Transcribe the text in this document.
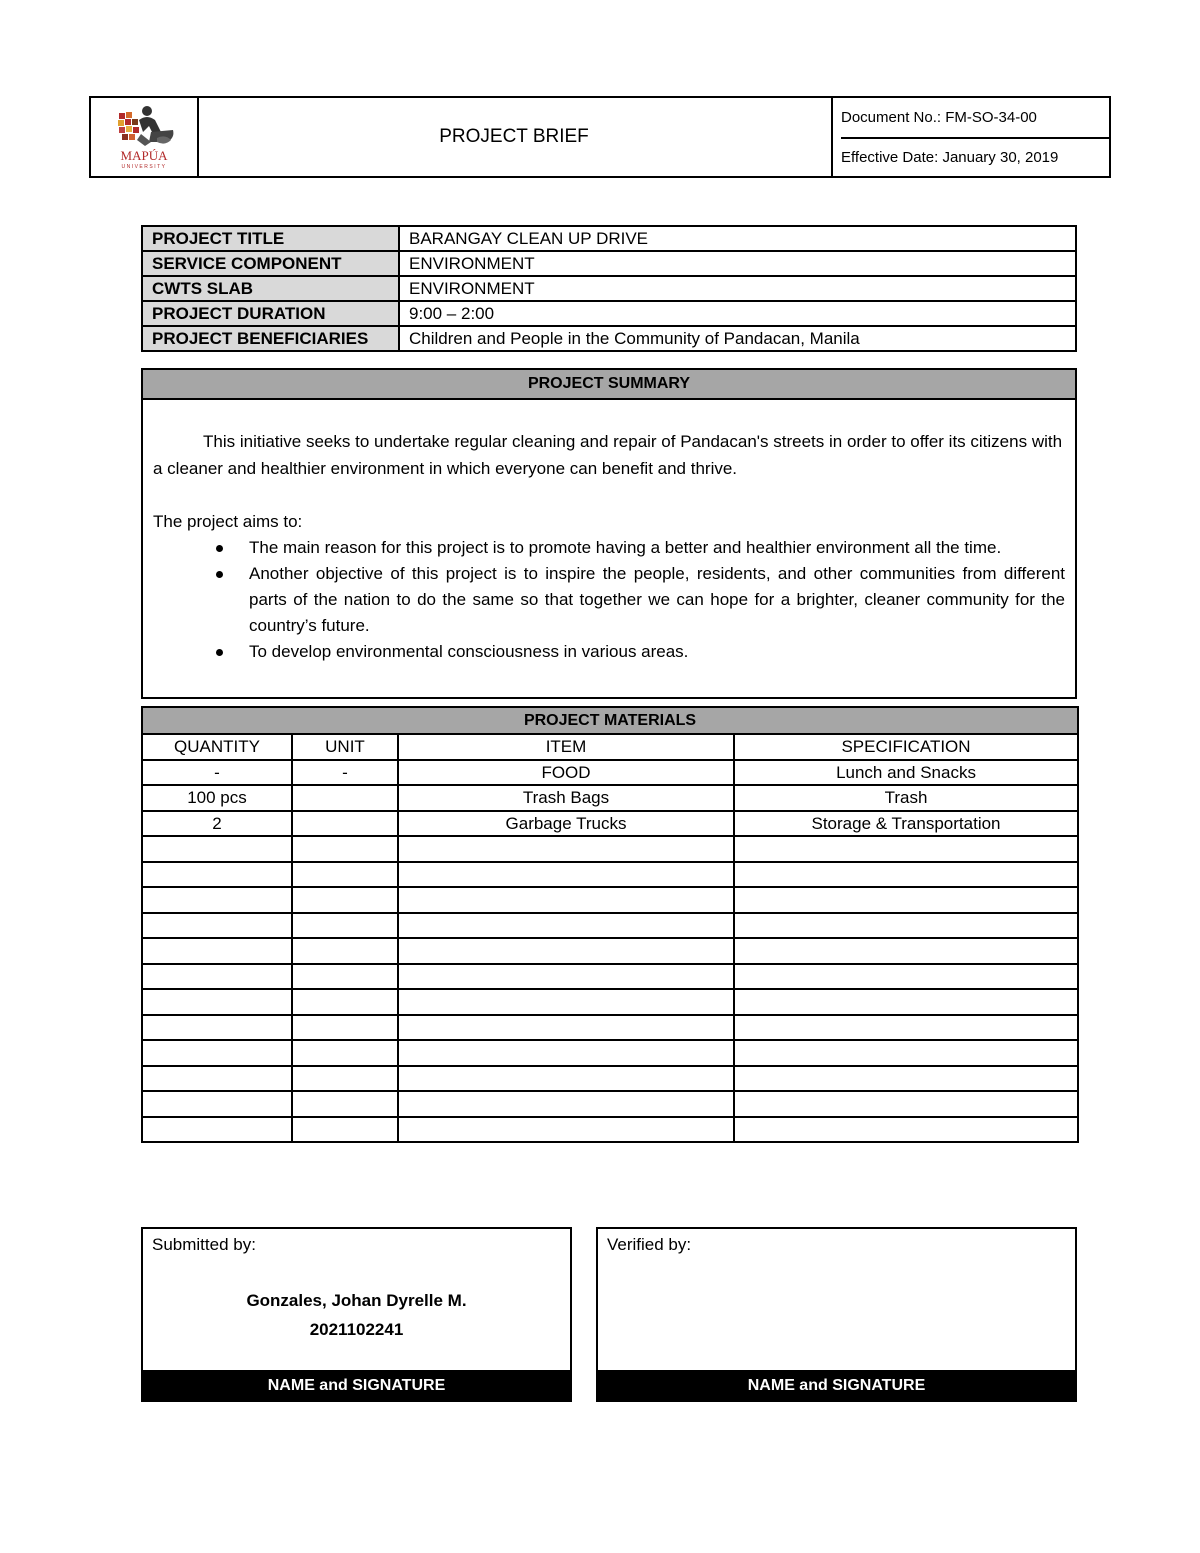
MAPÚA
UNIVERSITY
PROJECT BRIEF
Document No.: FM-SO-34-00
Effective Date: January 30, 2019
PROJECT TITLE	BARANGAY CLEAN UP DRIVE
SERVICE COMPONENT	ENVIRONMENT
CWTS SLAB	ENVIRONMENT
PROJECT DURATION	9:00 – 2:00
PROJECT BENEFICIARIES	Children and People in the Community of Pandacan, Manila
PROJECT SUMMARY

This initiative seeks to undertake regular cleaning and repair of Pandacan's streets in order to offer its citizens with a cleaner and healthier environment in which everyone can benefit and thrive.

The project aims to:

The main reason for this project is to promote having a better and healthier environment all the time.
Another objective of this project is to inspire the people, residents, and other communities from different parts of the nation to do the same so that together we can hope for a brighter, cleaner community for the country’s future.
To develop environmental consciousness in various areas.
PROJECT MATERIALS			
QUANTITY	UNIT	ITEM	SPECIFICATION
-	-	FOOD	Lunch and Snacks
100 pcs		Trash Bags	Trash
2		Garbage Trucks	Storage & Transportation

Submitted by:
Gonzales, Johan Dyrelle M.
2021102241
NAME and SIGNATURE
Verified by:
NAME and SIGNATURE
